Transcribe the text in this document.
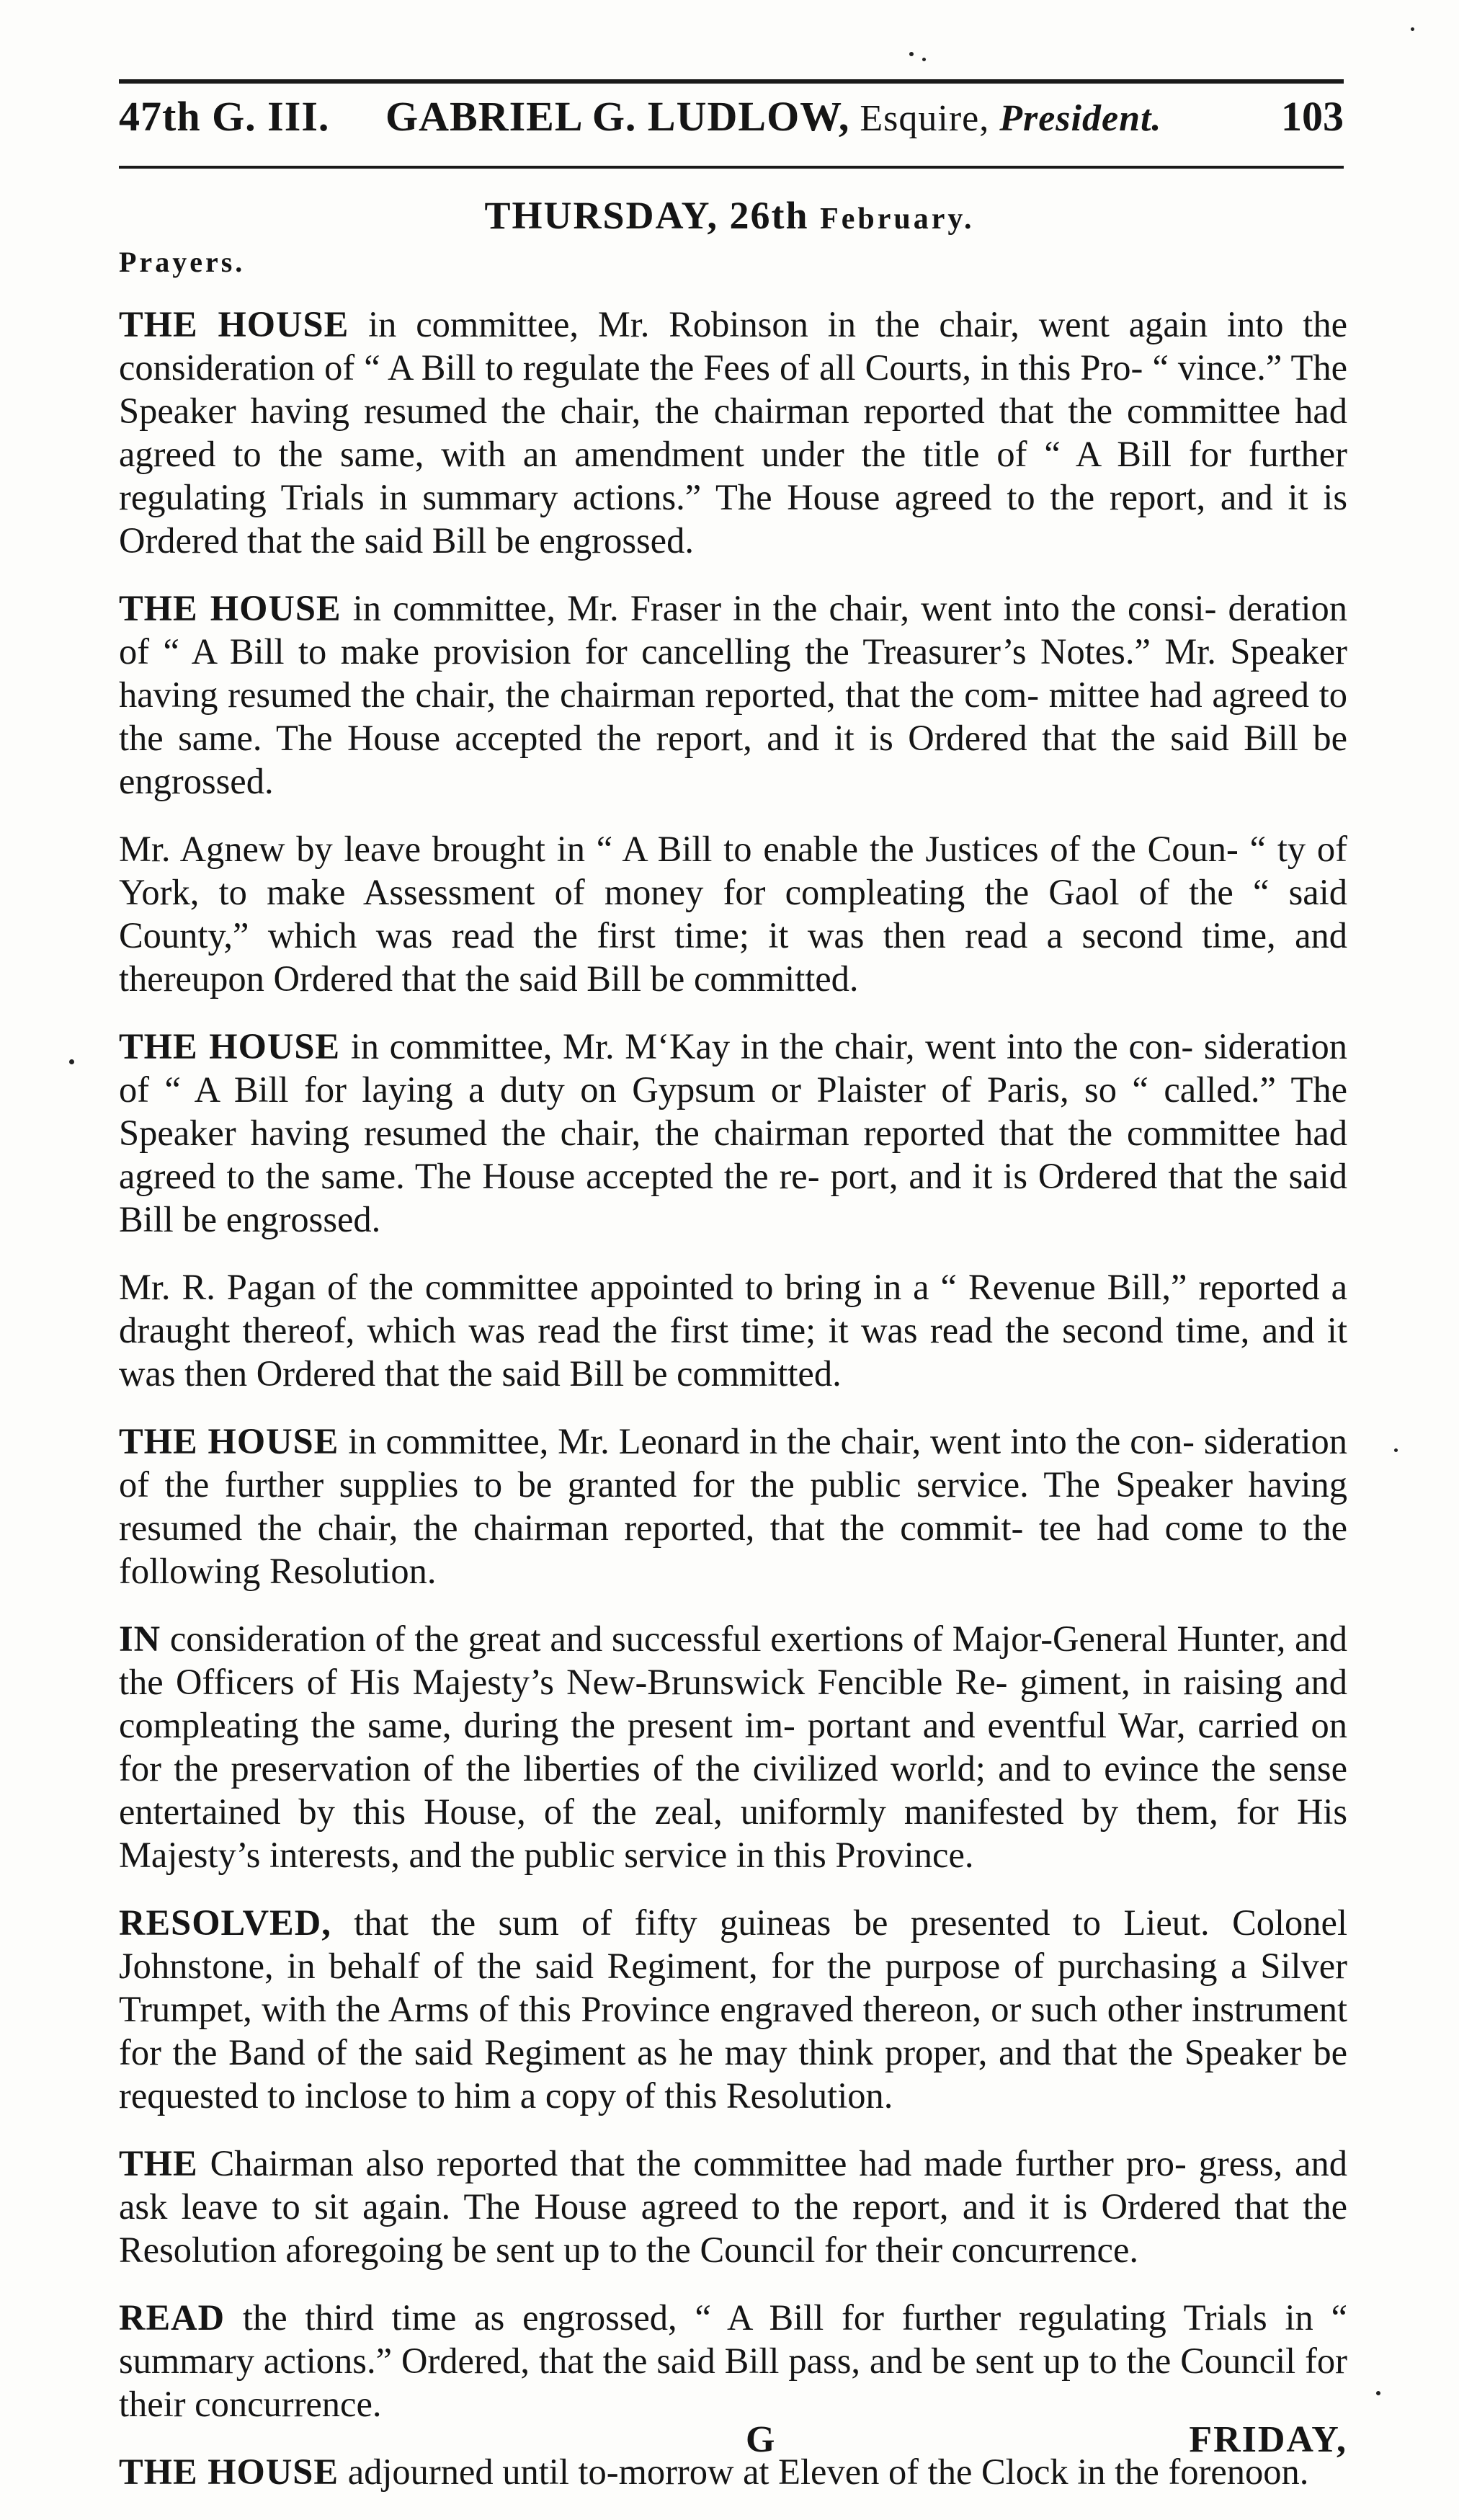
47th G. III. GABRIEL G. LUDLOW, Esquire, President.	103
THURSDAY, 26th February.
Prayers.

THE HOUSE in committee, Mr. Robinson in the chair, went again into the consideration of “ A Bill to regulate the Fees of all Courts, in this Pro- “ vince.” The Speaker having resumed the chair, the chairman reported that the committee had agreed to the same, with an amendment under the title of “ A Bill for further regulating Trials in summary actions.” The House agreed to the report, and it is Ordered that the said Bill be engrossed.

THE HOUSE in committee, Mr. Fraser in the chair, went into the consi- deration of “ A Bill to make provision for cancelling the Treasurer’s Notes.” Mr. Speaker having resumed the chair, the chairman reported, that the com- mittee had agreed to the same. The House accepted the report, and it is Ordered that the said Bill be engrossed.

Mr. Agnew by leave brought in “ A Bill to enable the Justices of the Coun- “ ty of York, to make Assessment of money for compleating the Gaol of the “ said County,” which was read the first time; it was then read a second time, and thereupon Ordered that the said Bill be committed.

THE HOUSE in committee, Mr. M‘Kay in the chair, went into the con- sideration of “ A Bill for laying a duty on Gypsum or Plaister of Paris, so “ called.” The Speaker having resumed the chair, the chairman reported that the committee had agreed to the same. The House accepted the re- port, and it is Ordered that the said Bill be engrossed.

Mr. R. Pagan of the committee appointed to bring in a “ Revenue Bill,” reported a draught thereof, which was read the first time; it was read the second time, and it was then Ordered that the said Bill be committed.

THE HOUSE in committee, Mr. Leonard in the chair, went into the con- sideration of the further supplies to be granted for the public service. The Speaker having resumed the chair, the chairman reported, that the commit- tee had come to the following Resolution.

IN consideration of the great and successful exertions of Major-General Hunter, and the Officers of His Majesty’s New-Brunswick Fencible Re- giment, in raising and compleating the same, during the present im- portant and eventful War, carried on for the preservation of the liberties of the civilized world; and to evince the sense entertained by this House, of the zeal, uniformly manifested by them, for His Majesty’s interests, and the public service in this Province.

RESOLVED, that the sum of fifty guineas be presented to Lieut. Colonel Johnstone, in behalf of the said Regiment, for the purpose of purchasing a Silver Trumpet, with the Arms of this Province engraved thereon, or such other instrument for the Band of the said Regiment as he may think proper, and that the Speaker be requested to inclose to him a copy of this Resolution.

THE Chairman also reported that the committee had made further pro- gress, and ask leave to sit again. The House agreed to the report, and it is Ordered that the Resolution aforegoing be sent up to the Council for their concurrence.

READ the third time as engrossed, “ A Bill for further regulating Trials in “ summary actions.” Ordered, that the said Bill pass, and be sent up to the Council for their concurrence.

THE HOUSE adjourned until to-morrow at Eleven of the Clock in the forenoon.

G	FRIDAY,
